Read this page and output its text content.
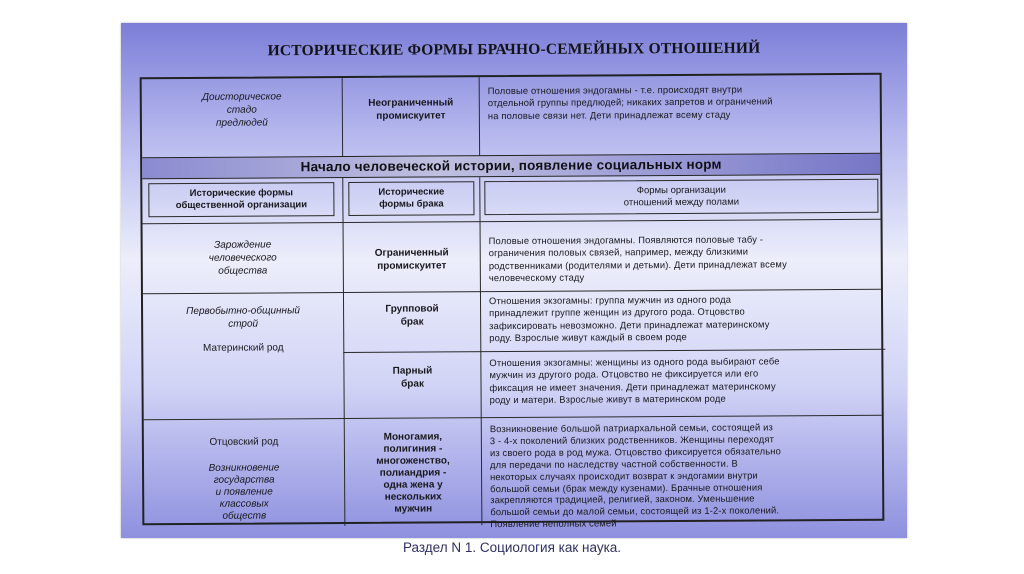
ИСТОРИЧЕСКИЕ ФОРМЫ БРАЧНО-СЕМЕЙНЫХ ОТНОШЕНИЙ
Доисторическое
стадо
предлюдей
Неограниченный
промискуитет
Половые отношения эндогамны - т.е. происходят внутри
отдельной группы предлюдей; никаких запретов и ограничений
на половые связи нет. Дети принадлежат всему стаду
Начало человеческой истории, появление социальных норм
Исторические формы
общественной организации
Исторические
формы брака
Формы организации
отношений между полами
Зарождение
человеческого
общества
Ограниченный
промискуитет
Половые отношения эндогамны. Появляются половые табу -
ограничения половых связей, например, между близкими
родственниками (родителями и детьми). Дети принадлежат всему
человеческому стаду
Первобытно-общинный
строй
Материнский род
Групповой
брак
Отношения экзогамны: группа мужчин из одного рода
принадлежит группе женщин из другого рода. Отцовство
зафиксировать невозможно. Дети принадлежат материнскому
роду. Взрослые живут каждый в своем роде
Парный
брак
Отношения экзогамны: женщины из одного рода выбирают себе
мужчин из другого рода. Отцовство не фиксируется или его
фиксация не имеет значения. Дети принадлежат материнскому
роду и матери. Взрослые живут в материнском роде
Отцовский род
Возникновение
государства
и появление
классовых
обществ
Моногамия,
полигиния -
многоженство,
полиандрия -
одна жена у
нескольких
мужчин
Возникновение большой патриархальной семьи, состоящей из
3 - 4-х поколений близких родственников. Женщины переходят
из своего рода в род мужа. Отцовство фиксируется обязательно
для передачи по наследству частной собственности. В
некоторых случаях происходит возврат к эндогамии внутри
большой семьи (брак между кузенами). Брачные отношения
закрепляются традицией, религией, законом. Уменьшение
большой семьи до малой семьи, состоящей из 1-2-х поколений.
Появление неполных семей
Раздел N 1. Социология как наука.
